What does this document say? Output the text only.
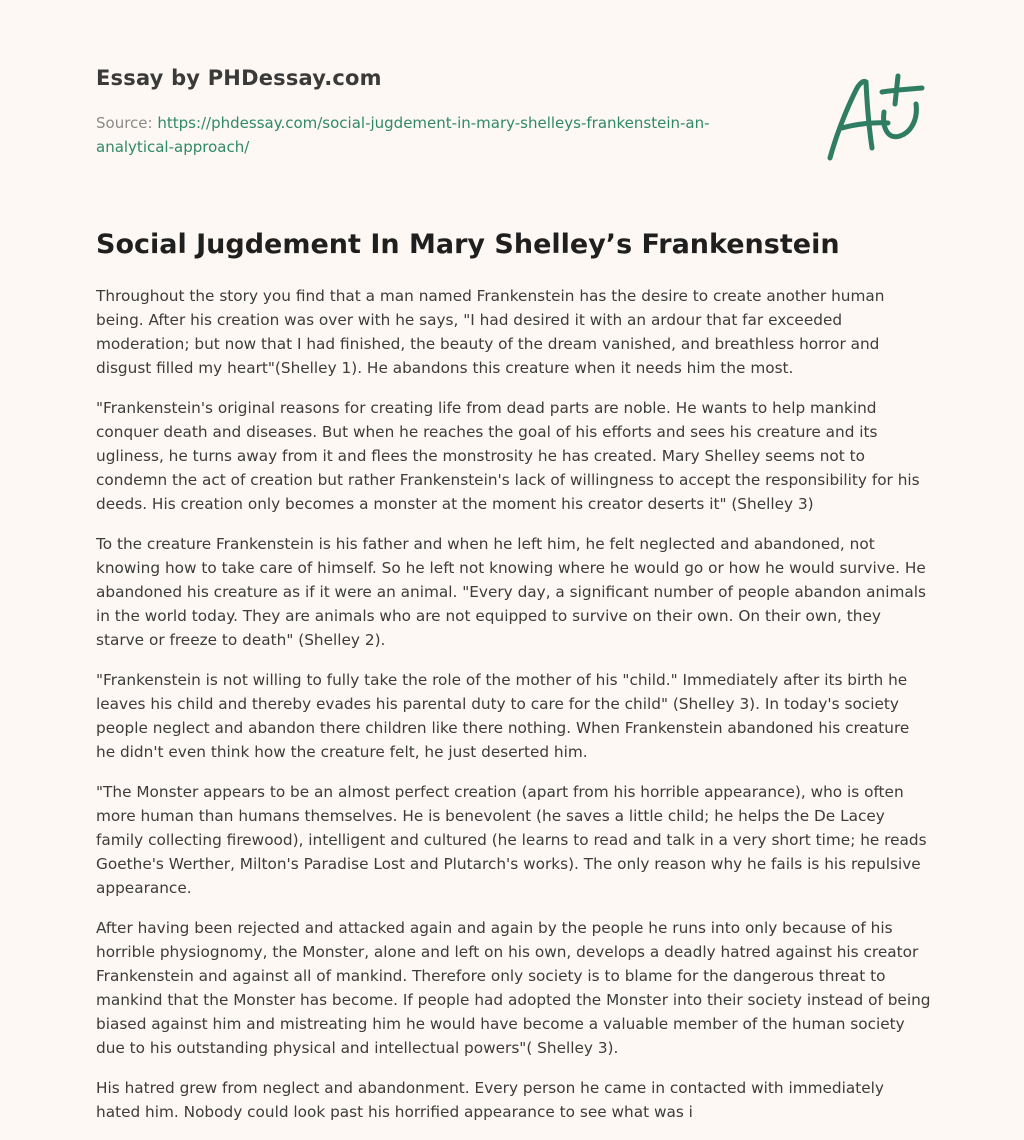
Essay by PHDessay.com

Source: https://phdessay.com/social-jugdement-in-mary-shelleys-frankenstein-an-analytical-approach/

Social Jugdement In Mary Shelley’s Frankenstein

Throughout the story you find that a man named Frankenstein has the desire to create another human being. After his creation was over with he says, "I had desired it with an ardour that far exceeded moderation; but now that I had finished, the beauty of the dream vanished, and breathless horror and disgust filled my heart"(Shelley 1). He abandons this creature when it needs him the most.

"Frankenstein's original reasons for creating life from dead parts are noble. He wants to help mankind conquer death and diseases. But when he reaches the goal of his efforts and sees his creature and its ugliness, he turns away from it and flees the monstrosity he has created. Mary Shelley seems not to condemn the act of creation but rather Frankenstein's lack of willingness to accept the responsibility for his deeds. His creation only becomes a monster at the moment his creator deserts it" (Shelley 3)

To the creature Frankenstein is his father and when he left him, he felt neglected and abandoned, not knowing how to take care of himself. So he left not knowing where he would go or how he would survive. He abandoned his creature as if it were an animal. "Every day, a significant number of people abandon animals in the world today. They are animals who are not equipped to survive on their own. On their own, they starve or freeze to death" (Shelley 2).

"Frankenstein is not willing to fully take the role of the mother of his "child." Immediately after its birth he leaves his child and thereby evades his parental duty to care for the child" (Shelley 3). In today's society people neglect and abandon there children like there nothing. When Frankenstein abandoned his creature he didn't even think how the creature felt, he just deserted him.

"The Monster appears to be an almost perfect creation (apart from his horrible appearance), who is often more human than humans themselves. He is benevolent (he saves a little child; he helps the De Lacey family collecting firewood), intelligent and cultured (he learns to read and talk in a very short time; he reads Goethe's Werther, Milton's Paradise Lost and Plutarch's works). The only reason why he fails is his repulsive appearance.

After having been rejected and attacked again and again by the people he runs into only because of his horrible physiognomy, the Monster, alone and left on his own, develops a deadly hatred against his creator Frankenstein and against all of mankind. Therefore only society is to blame for the dangerous threat to mankind that the Monster has become. If people had adopted the Monster into their society instead of being biased against him and mistreating him he would have become a valuable member of the human society due to his outstanding physical and intellectual powers"( Shelley 3).

His hatred grew from neglect and abandonment. Every person he came in contacted with immediately hated him. Nobody could look past his horrified appearance to see what was i
